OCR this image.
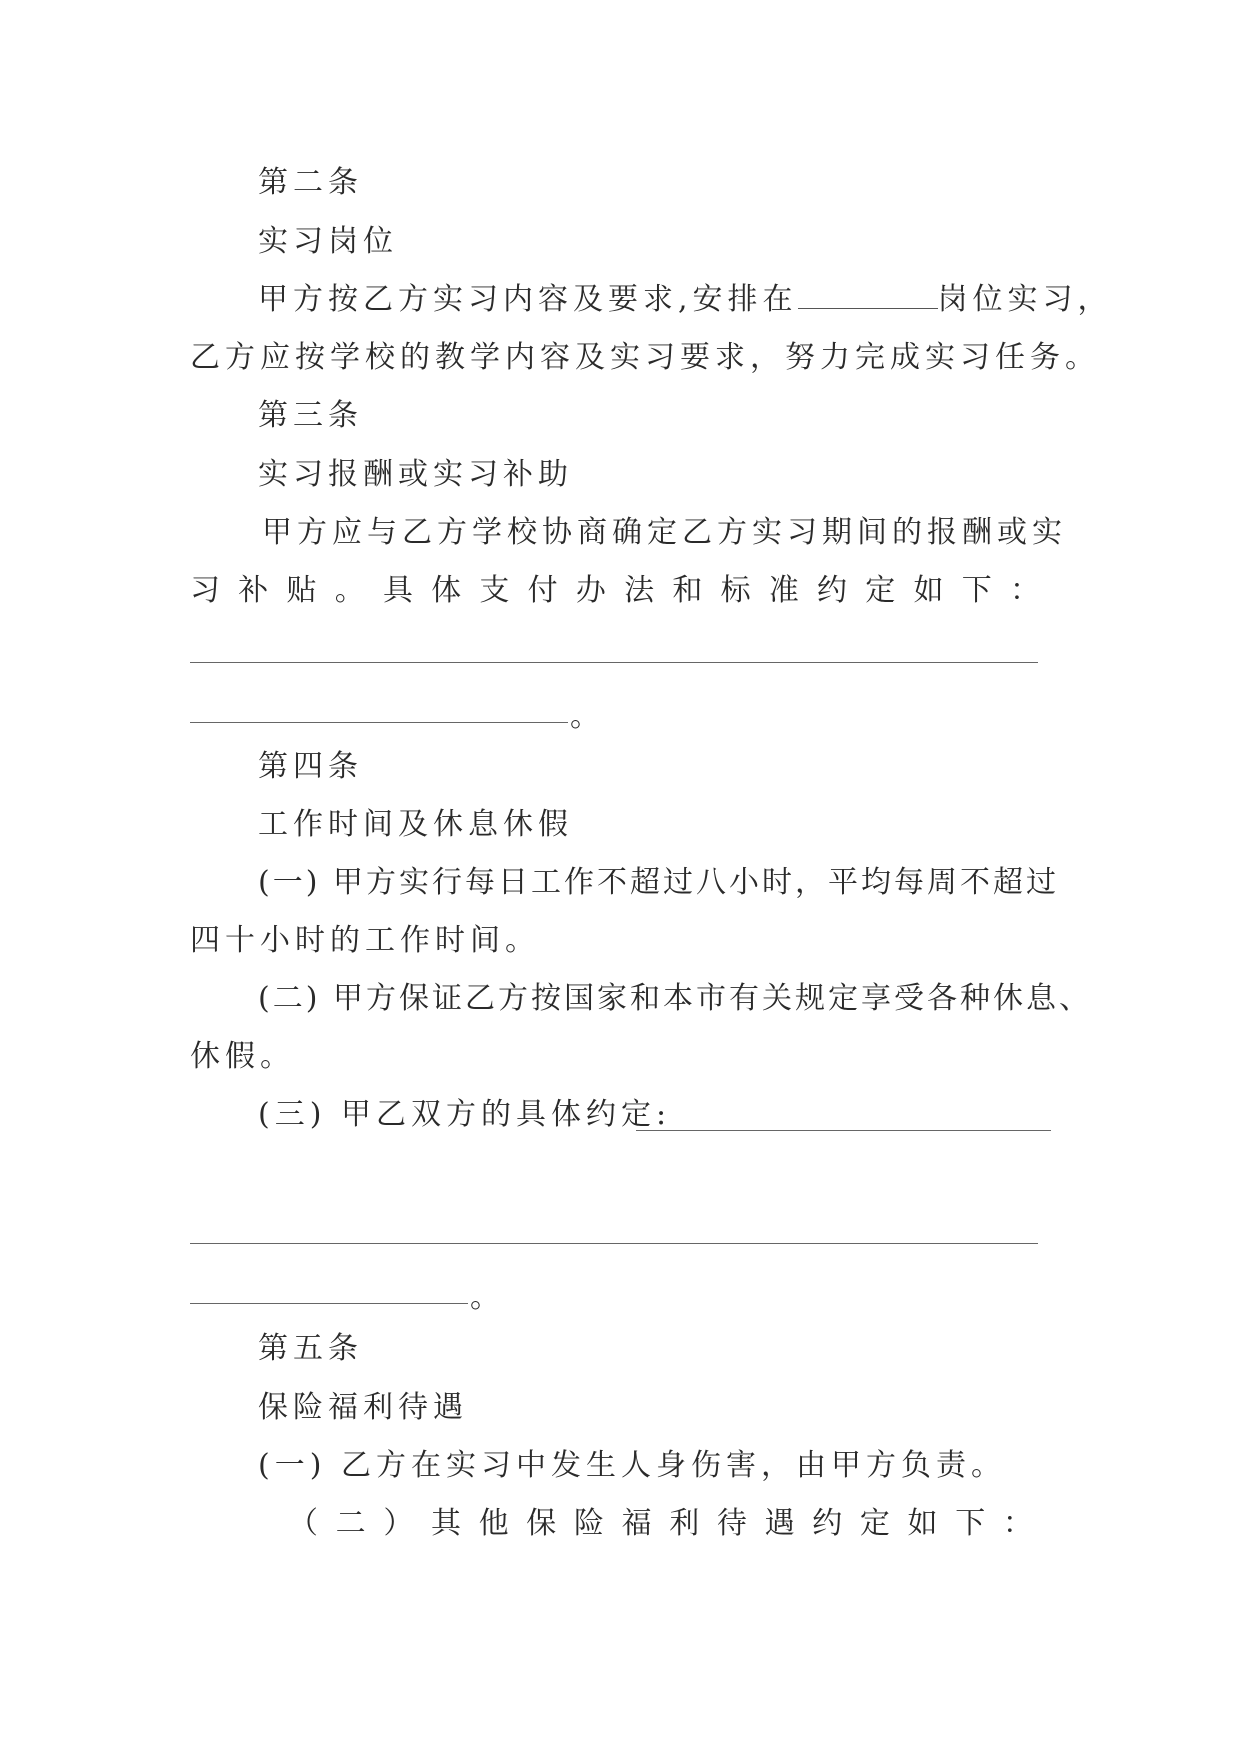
第二条
实习岗位
甲方按乙方实习内容及要求,安排在	岗位实习，
乙方应按学校的教学内容及实习要求，努力完成实习任务。
第三条
实习报酬或实习补助
甲方应与乙方学校协商确定乙方实习期间的报酬或实
习 补 贴 。 具 体 支 付 办 法 和 标 准 约 定 如 下 ：
。
第四条
工作时间及休息休假
(一) 甲方实行每日工作不超过八小时，平均每周不超过
四十小时的工作时间。
(二) 甲方保证乙方按国家和本市有关规定享受各种休息、
休假。
(三) 甲乙双方的具体约定:
。
第五条
保险福利待遇
(一) 乙方在实习中发生人身伤害，由甲方负责。
（ 二 ） 其 他 保 险 福 利 待 遇 约 定 如 下 ：
